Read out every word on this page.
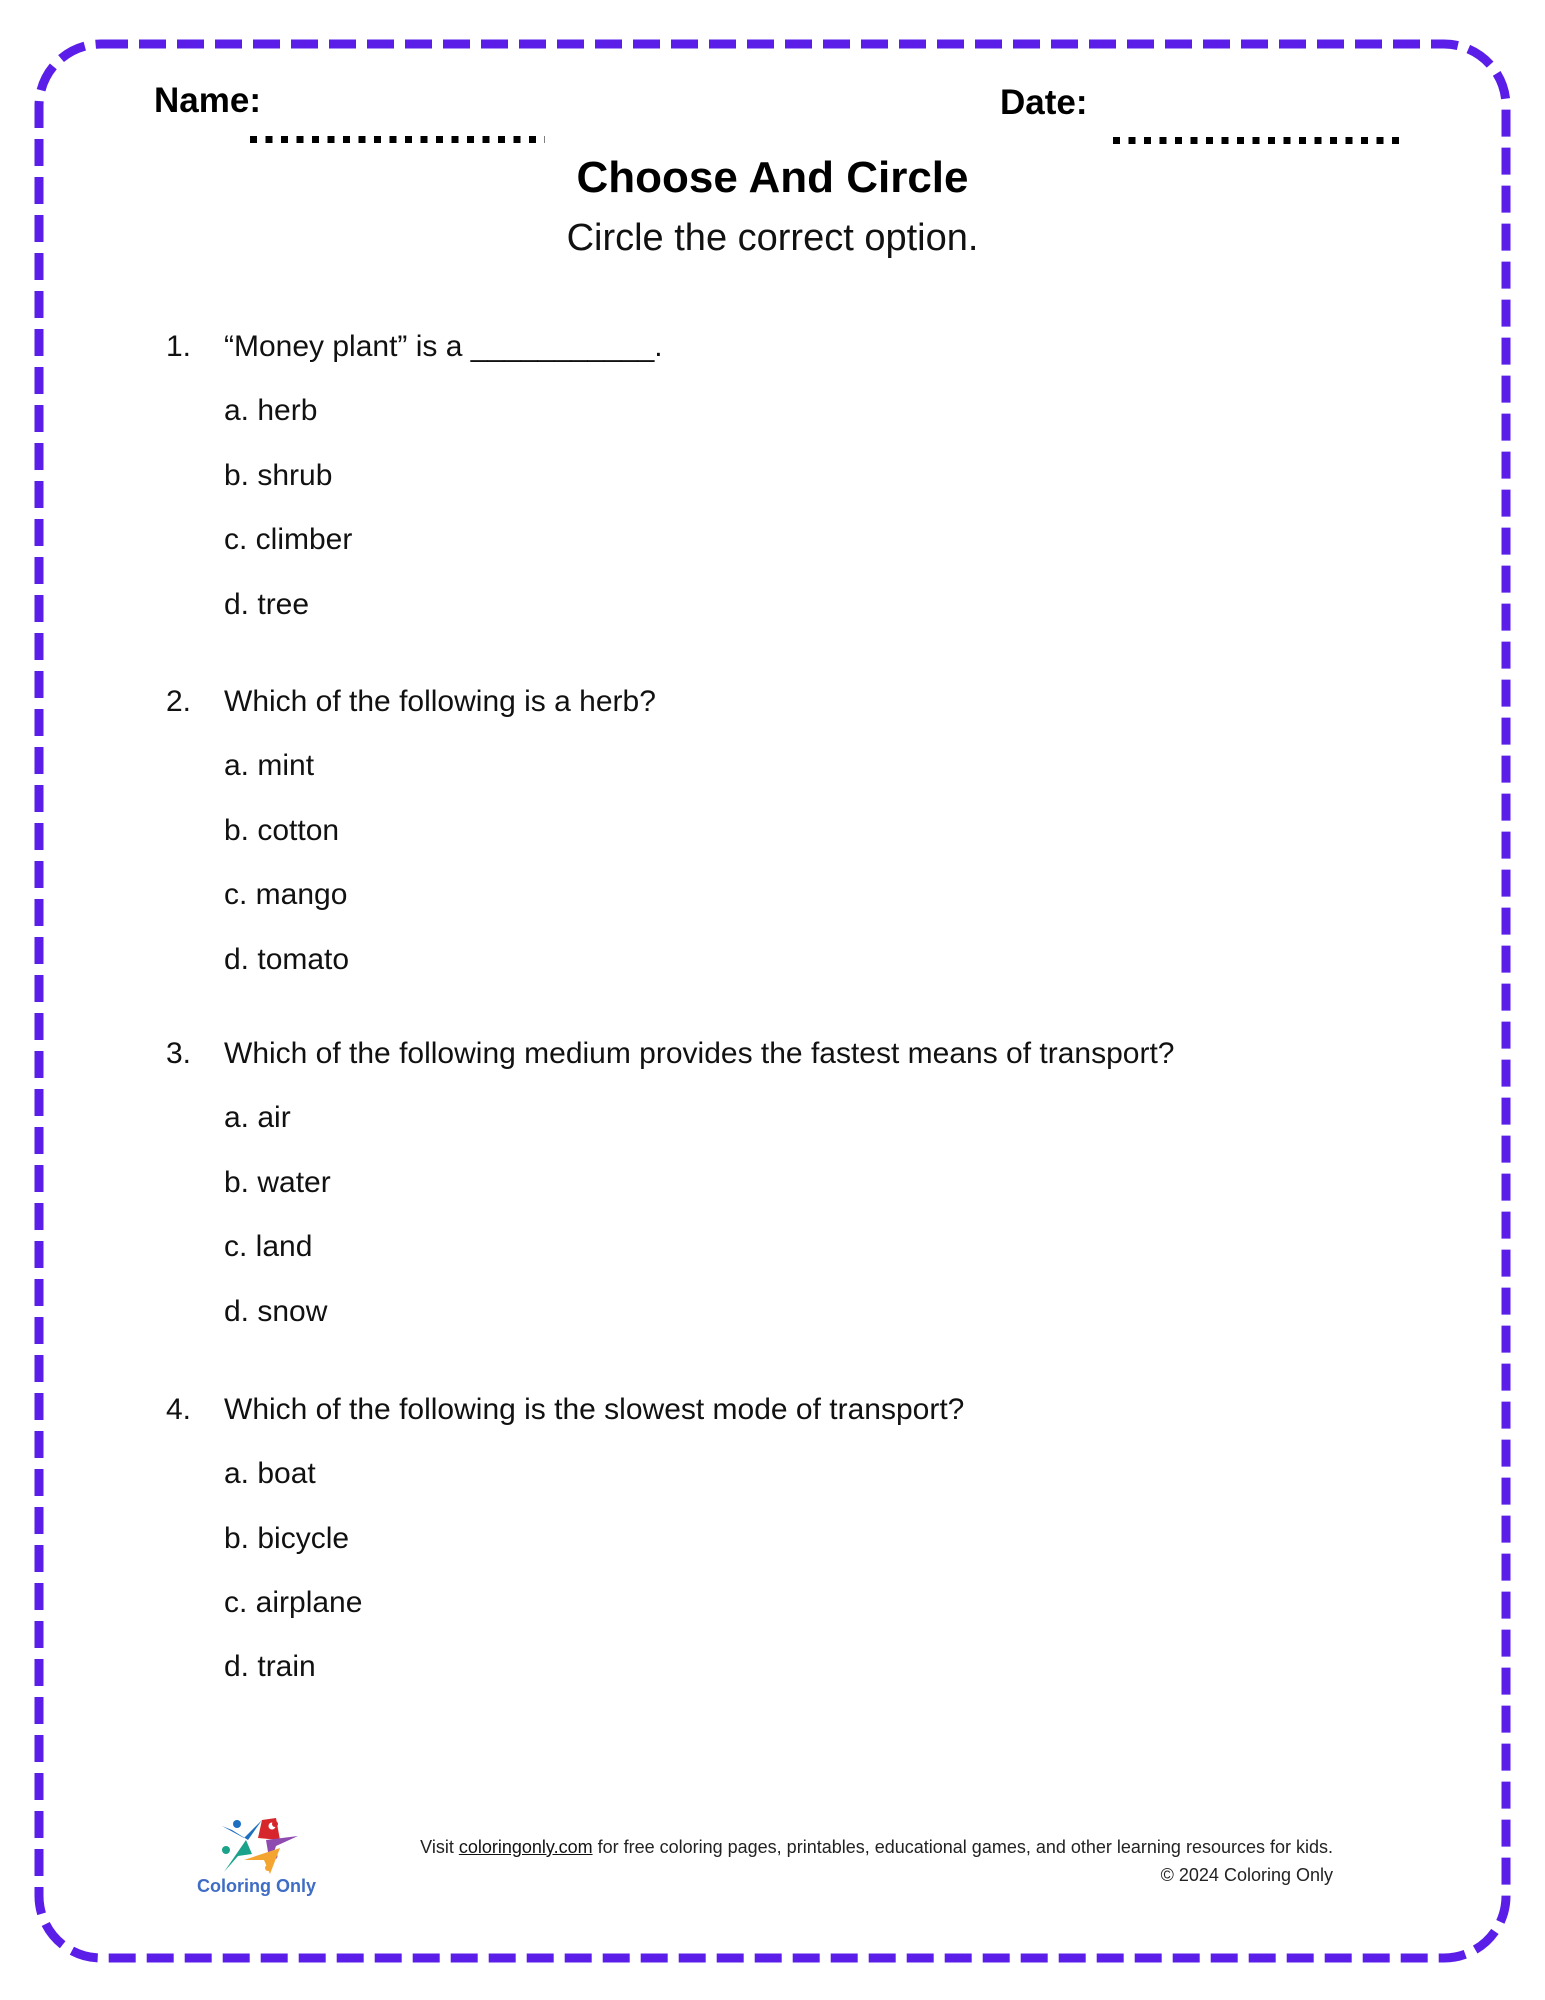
Name:	Date:
Choose And Circle
Circle the correct option.
1. “Money plant” is a ___________.
a. herb
b. shrub
c. climber
d. tree
2. Which of the following is a herb?
a. mint
b. cotton
c. mango
d. tomato
3. Which of the following medium provides the fastest means of transport?
a. air
b. water
c. land
d. snow
4. Which of the following is the slowest mode of transport?
a. boat
b. bicycle
c. airplane
d. train
Coloring Only
Visit coloringonly.com for free coloring pages, printables, educational games, and other learning resources for kids.
© 2024 Coloring Only
